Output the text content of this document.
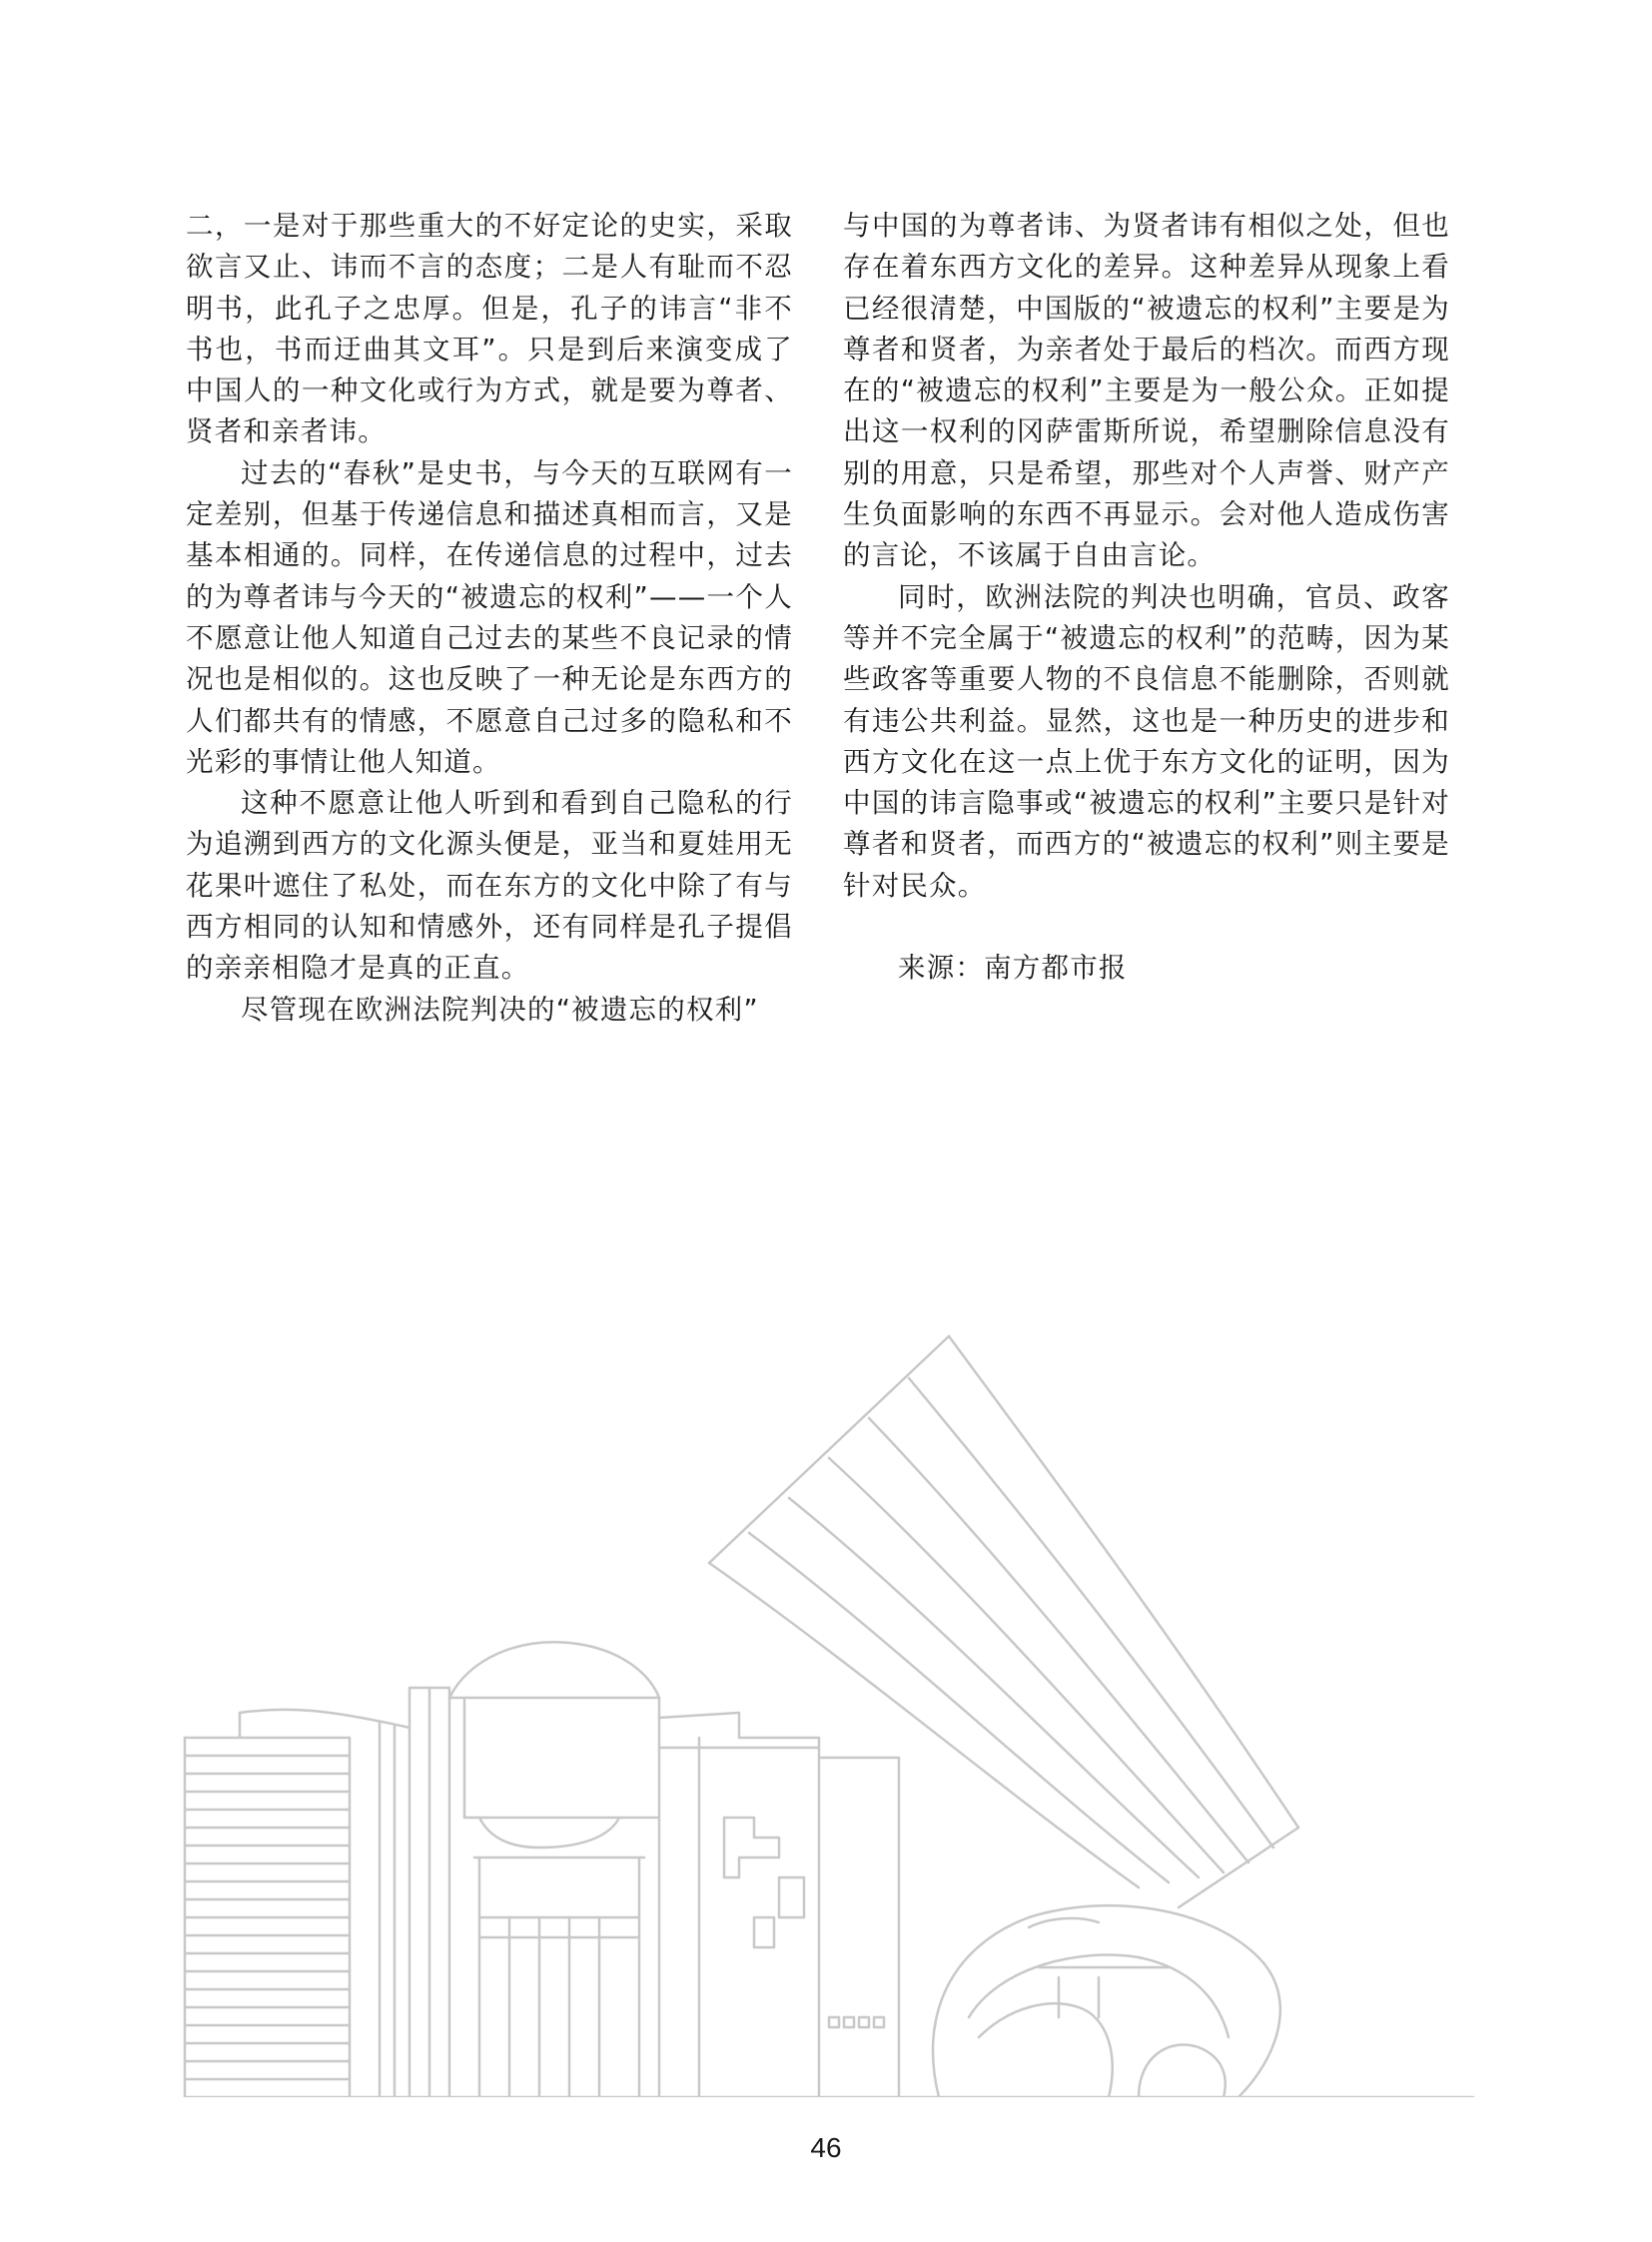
二，一是对于那些重大的不好定论的史实，采取欲言又止、讳而不言的态度；二是人有耻而不忍明书，此孔子之忠厚。但是，孔子的讳言“非不书也，书而迂曲其文耳”。只是到后来演变成了中国人的一种文化或行为方式，就是要为尊者、贤者和亲者讳。

过去的“春秋”是史书，与今天的互联网有一定差别，但基于传递信息和描述真相而言，又是基本相通的。同样，在传递信息的过程中，过去的为尊者讳与今天的“被遗忘的权利”——一个人不愿意让他人知道自己过去的某些不良记录的情况也是相似的。这也反映了一种无论是东西方的人们都共有的情感，不愿意自己过多的隐私和不光彩的事情让他人知道。

这种不愿意让他人听到和看到自己隐私的行为追溯到西方的文化源头便是，亚当和夏娃用无花果叶遮住了私处，而在东方的文化中除了有与西方相同的认知和情感外，还有同样是孔子提倡的亲亲相隐才是真的正直。

尽管现在欧洲法院判决的“被遗忘的权利”

与中国的为尊者讳、为贤者讳有相似之处，但也存在着东西方文化的差异。这种差异从现象上看已经很清楚，中国版的“被遗忘的权利”主要是为尊者和贤者，为亲者处于最后的档次。而西方现在的“被遗忘的权利”主要是为一般公众。正如提出这一权利的冈萨雷斯所说，希望删除信息没有别的用意，只是希望，那些对个人声誉、财产产生负面影响的东西不再显示。会对他人造成伤害的言论，不该属于自由言论。

同时，欧洲法院的判决也明确，官员、政客等并不完全属于“被遗忘的权利”的范畴，因为某些政客等重要人物的不良信息不能删除，否则就有违公共利益。显然，这也是一种历史的进步和西方文化在这一点上优于东方文化的证明，因为中国的讳言隐事或“被遗忘的权利”主要只是针对尊者和贤者，而西方的“被遗忘的权利”则主要是针对民众。

来源：南方都市报

46
